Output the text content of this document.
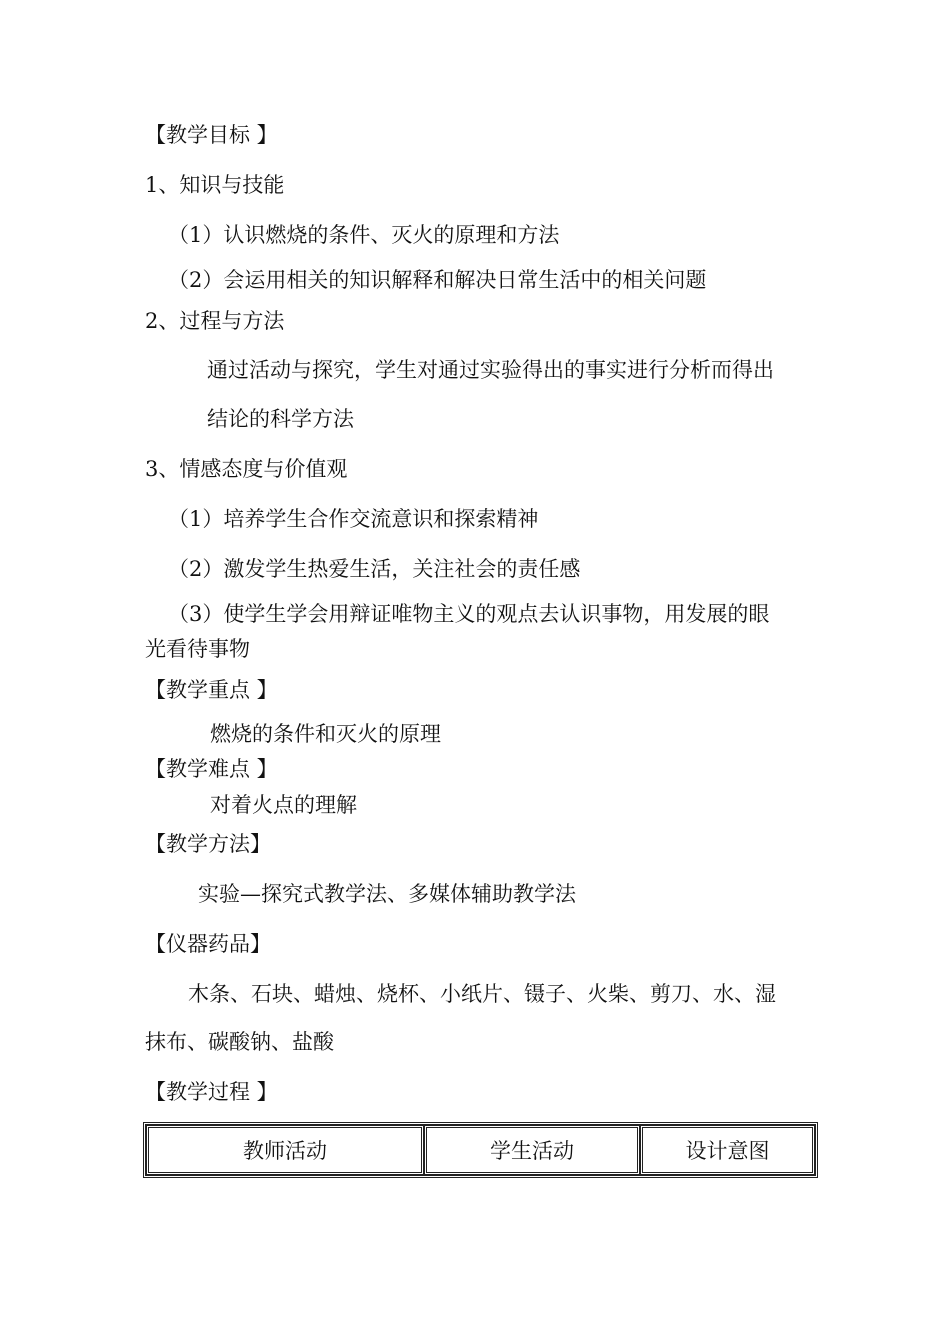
【教学目标 】
1、知识与技能
（1）认识燃烧的条件、灭火的原理和方法
（2）会运用相关的知识解释和解决日常生活中的相关问题
2、过程与方法
通过活动与探究，学生对通过实验得出的事实进行分析而得出
结论的科学方法
3、情感态度与价值观
（1）培养学生合作交流意识和探索精神
（2）激发学生热爱生活，关注社会的责任感
（3）使学生学会用辩证唯物主义的观点去认识事物，用发展的眼
光看待事物
【教学重点 】
燃烧的条件和灭火的原理
【教学难点 】
对着火点的理解
【教学方法】
实验—探究式教学法、多媒体辅助教学法
【仪器药品】
木条、石块、蜡烛、烧杯、小纸片、镊子、火柴、剪刀、水、湿
抹布、碳酸钠、盐酸
【教学过程 】
教师活动	学生活动	设计意图
